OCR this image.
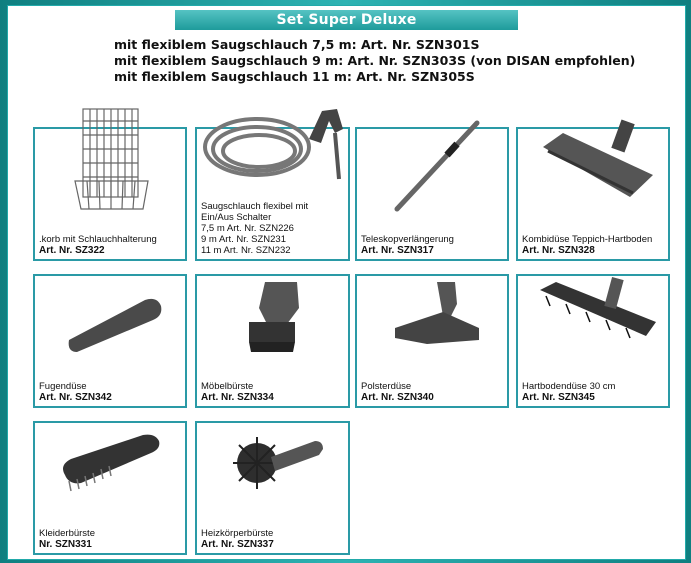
Set Super Deluxe
mit flexiblem Saugschlauch 7,5 m: Art. Nr. SZN301S
mit flexiblem Saugschlauch 9 m: Art. Nr. SZN303S (von DISAN empfohlen)
mit flexiblem Saugschlauch 11 m: Art. Nr. SZN305S
.korb mit Schlauchhalterung
Art. Nr. SZ322
Saugschlauch flexibel mit
Ein/Aus Schalter
7,5 m Art. Nr. SZN226
9 m Art. Nr. SZN231
11 m Art. Nr. SZN232
Teleskopverlängerung
Art. Nr. SZN317
Kombidüse Teppich-Hartboden
Art. Nr. SZN328
Fugendüse
Art. Nr. SZN342
Möbelbürste
Art. Nr. SZN334
Polsterdüse
Art. Nr. SZN340
Hartbodendüse 30 cm
Art. Nr. SZN345
Kleiderbürste
Nr. SZN331
Heizkörperbürste
Art. Nr. SZN337
